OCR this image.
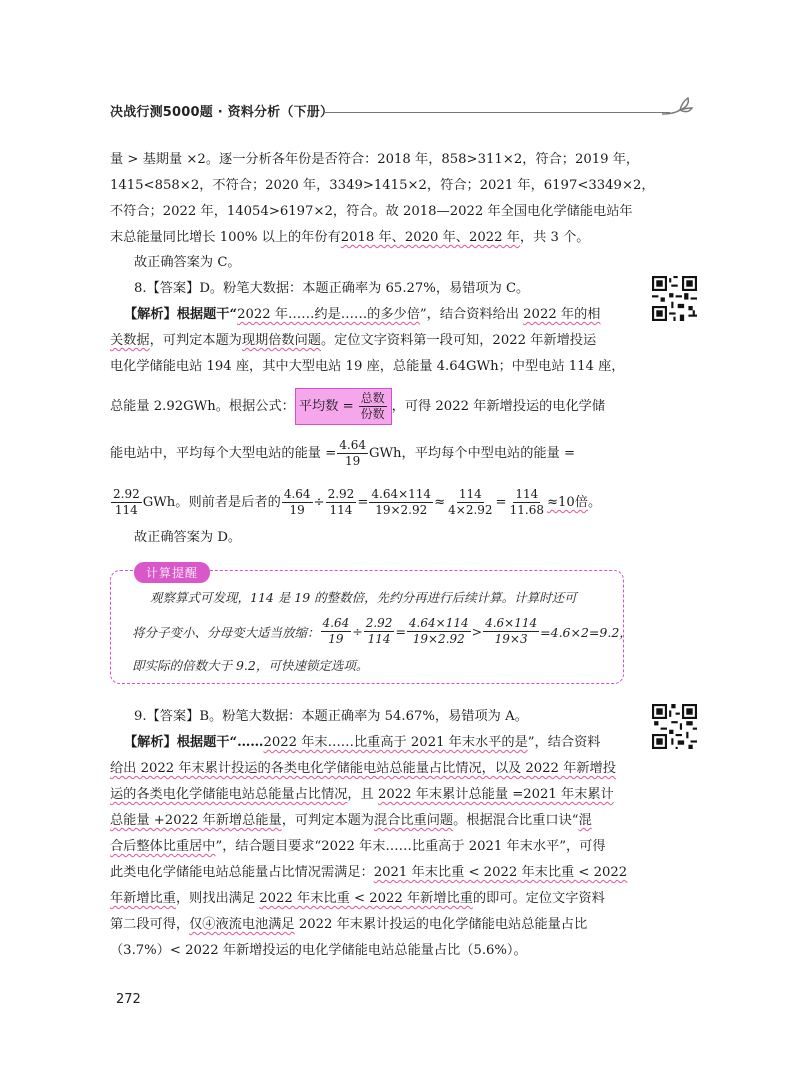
决战行测5000题 · 资料分析（下册）
量 > 基期量 ×2。逐一分析各年份是否符合：2018 年，858>311×2，符合；2019 年，
1415<858×2，不符合；2020 年，3349>1415×2，符合；2021 年，6197<3349×2，
不符合；2022 年，14054>6197×2，符合。故 2018—2022 年全国电化学储能电站年
末总能量同比增长 100% 以上的年份有2018 年、2020 年、2022 年，共 3 个。
故正确答案为 C。
8.【答案】D。粉笔大数据：本题正确率为 65.27%，易错项为 C。
【解析】根据题干“2022 年……约是……的多少倍”，结合资料给出 2022 年的相
关数据，可判定本题为现期倍数问题。定位文字资料第一段可知，2022 年新增投运
电化学储能电站 194 座，其中大型电站 19 座，总能量 4.64GWh；中型电站 114 座，
总能量 2.92GWh。根据公式： 平均数 = $\frac{\text{总数}}{\text{份数}}$ ，可得 2022 年新增投运的电化学储
能电站中，平均每个大型电站的能量 = $\frac{4.64}{19}$ GWh，平均每个中型电站的能量 =
$\frac{2.92}{114}$ GWh。则前者是后者的 $\frac{4.64}{19} \div \frac{2.92}{114} = \frac{4.64\times 114}{19\times 2.92} \approx \frac{114}{4\times 2.92} = \frac{114}{11.68} \approx 10$倍 。
故正确答案为 D。
计算提醒
观察算式可发现，114 是 19 的整数倍，先约分再进行后续计算。计算时还可
将分子变小、分母变大适当放缩： $\frac{4.64}{19} \div \frac{2.92}{114} = \frac{4.64\times 114}{19\times 2.92} > \frac{4.6\times 114}{19\times 3} =4.6\times 2=9.2$，
即实际的倍数大于 9.2，可快速锁定选项。
9.【答案】B。粉笔大数据：本题正确率为 54.67%，易错项为 A。
【解析】根据题干“……2022 年末……比重高于 2021 年末水平的是”，结合资料
给出 2022 年末累计投运的各类电化学储能电站总能量占比情况，以及 2022 年新增投
运的各类电化学储能电站总能量占比情况，且 2022 年末累计总能量 =2021 年末累计
总能量 +2022 年新增总能量，可判定本题为混合比重问题。根据混合比重口诀“混
合后整体比重居中”，结合题目要求“2022 年末……比重高于 2021 年末水平”，可得
此类电化学储能电站总能量占比情况需满足：2021 年末比重 < 2022 年末比重 < 2022
年新增比重，则找出满足 2022 年末比重 < 2022 年新增比重的即可。定位文字资料
第二段可得，仅④液流电池满足 2022 年末累计投运的电化学储能电站总能量占比
（3.7%）< 2022 年新增投运的电化学储能电站总能量占比（5.6%）。
272
